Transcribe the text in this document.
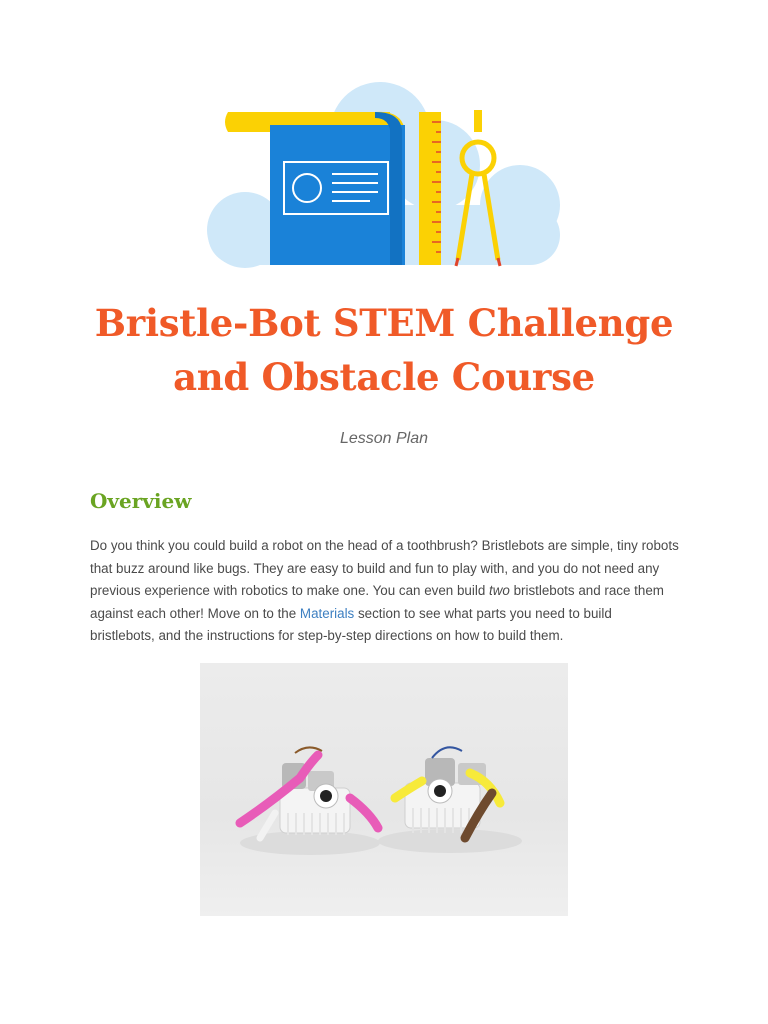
Bristle-Bot STEM Challenge
and Obstacle Course
Lesson Plan
Overview

Do you think you could build a robot on the head of a toothbrush? Bristlebots are simple, tiny robots that buzz around like bugs. They are easy to build and fun to play with, and you do not need any previous experience with robotics to make one. You can even build two bristlebots and race them against each other! Move on to the Materials section to see what parts you need to build bristlebots, and the instructions for step-by-step directions on how to build them.
